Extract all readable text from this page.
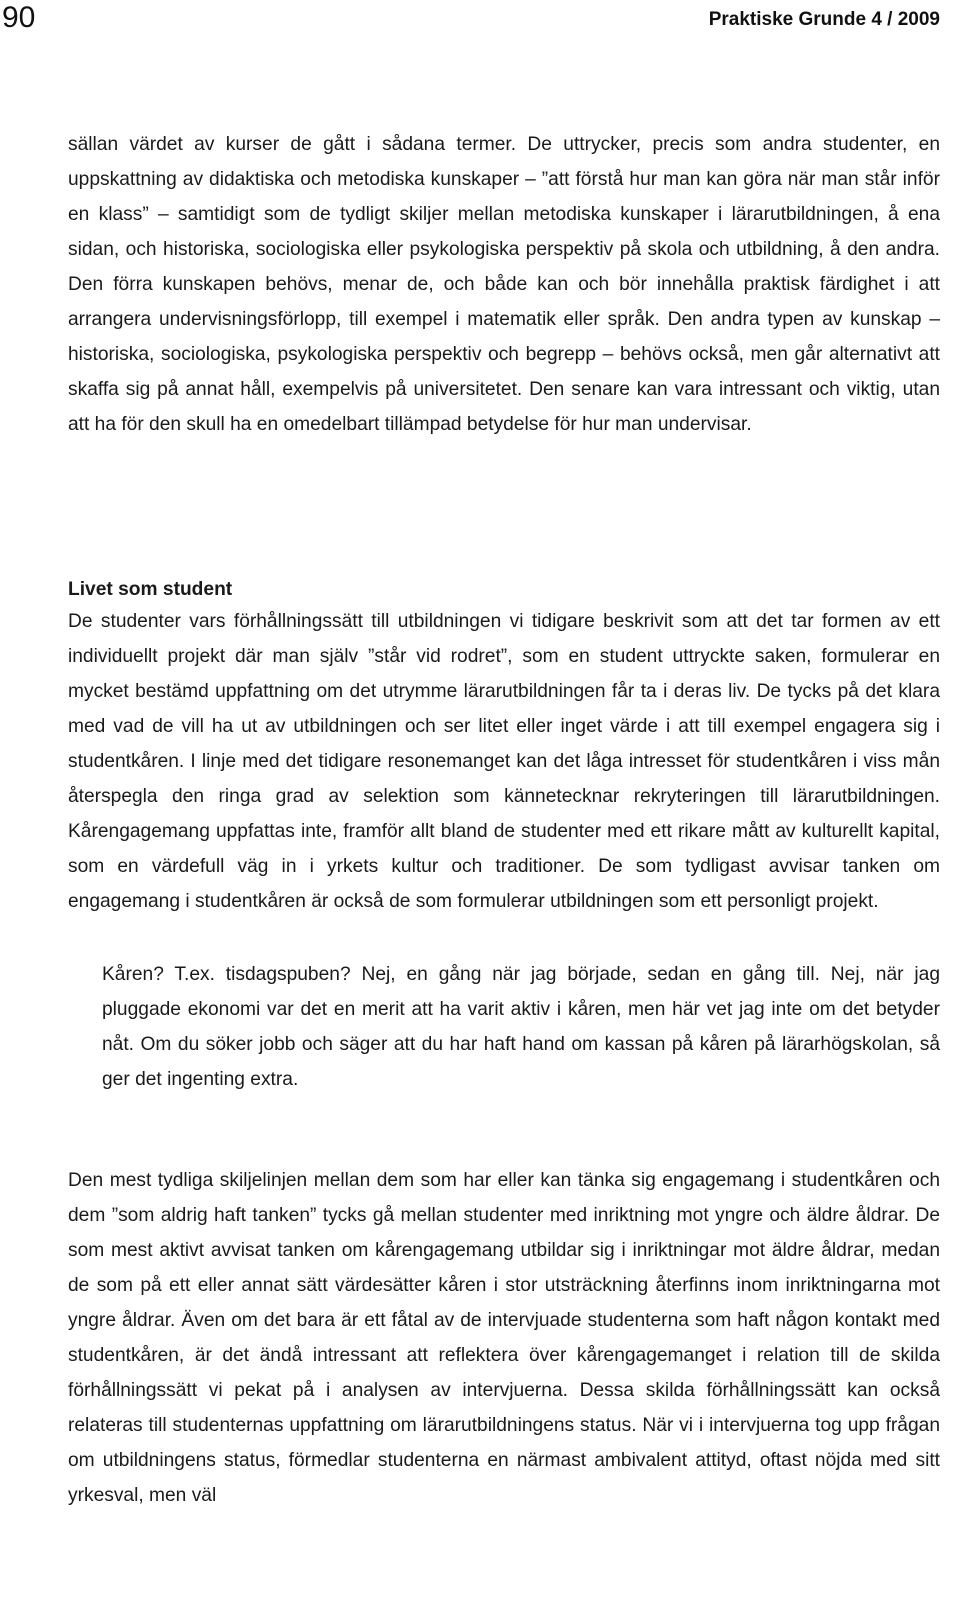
90	Praktiske Grunde 4 / 2009

sällan värdet av kurser de gått i sådana termer. De uttrycker, precis som andra studenter, en uppskattning av didaktiska och metodiska kunskaper – ”att förstå hur man kan göra när man står inför en klass” – samtidigt som de tydligt skiljer mellan metodiska kunskaper i lärarutbildningen, å ena sidan, och historiska, sociologiska eller psykologiska perspektiv på skola och utbildning, å den andra. Den förra kunskapen behövs, menar de, och både kan och bör innehålla praktisk färdighet i att arrangera undervisningsförlopp, till exempel i matematik eller språk. Den andra typen av kunskap – historiska, sociologiska, psykologiska perspektiv och begrepp – behövs också, men går alternativt att skaffa sig på annat håll, exempelvis på universitetet. Den senare kan vara intressant och viktig, utan att ha för den skull ha en omedelbart tillämpad betydelse för hur man undervisar.

Livet som student

De studenter vars förhållningssätt till utbildningen vi tidigare beskrivit som att det tar formen av ett individuellt projekt där man själv ”står vid rodret”, som en student uttryckte saken, formulerar en mycket bestämd uppfattning om det utrymme lärarutbildningen får ta i deras liv. De tycks på det klara med vad de vill ha ut av utbildningen och ser litet eller inget värde i att till exempel engagera sig i studentkåren. I linje med det tidigare resonemanget kan det låga intresset för studentkåren i viss mån återspegla den ringa grad av selektion som kännetecknar rekryteringen till lärarutbildningen. Kårengagemang uppfattas inte, framför allt bland de studenter med ett rikare mått av kulturellt kapital, som en värdefull väg in i yrkets kultur och traditioner. De som tydligast avvisar tanken om engagemang i studentkåren är också de som formulerar utbildningen som ett personligt projekt.

Kåren? T.ex. tisdagspuben? Nej, en gång när jag började, sedan en gång till. Nej, när jag pluggade ekonomi var det en merit att ha varit aktiv i kåren, men här vet jag inte om det betyder nåt. Om du söker jobb och säger att du har haft hand om kassan på kåren på lärarhögskolan, så ger det ingenting extra.

Den mest tydliga skiljelinjen mellan dem som har eller kan tänka sig engagemang i studentkåren och dem ”som aldrig haft tanken” tycks gå mellan studenter med inriktning mot yngre och äldre åldrar. De som mest aktivt avvisat tanken om kårengagemang utbildar sig i inriktningar mot äldre åldrar, medan de som på ett eller annat sätt värdesätter kåren i stor utsträckning återfinns inom inriktningarna mot yngre åldrar. Även om det bara är ett fåtal av de intervjuade studenterna som haft någon kontakt med studentkåren, är det ändå intressant att reflektera över kårengagemanget i relation till de skilda förhållningssätt vi pekat på i analysen av intervjuerna. Dessa skilda förhållningssätt kan också relateras till studenternas uppfattning om lärarutbildningens status. När vi i intervjuerna tog upp frågan om utbildningens status, förmedlar studenterna en närmast ambivalent attityd, oftast nöjda med sitt yrkesval, men väl
